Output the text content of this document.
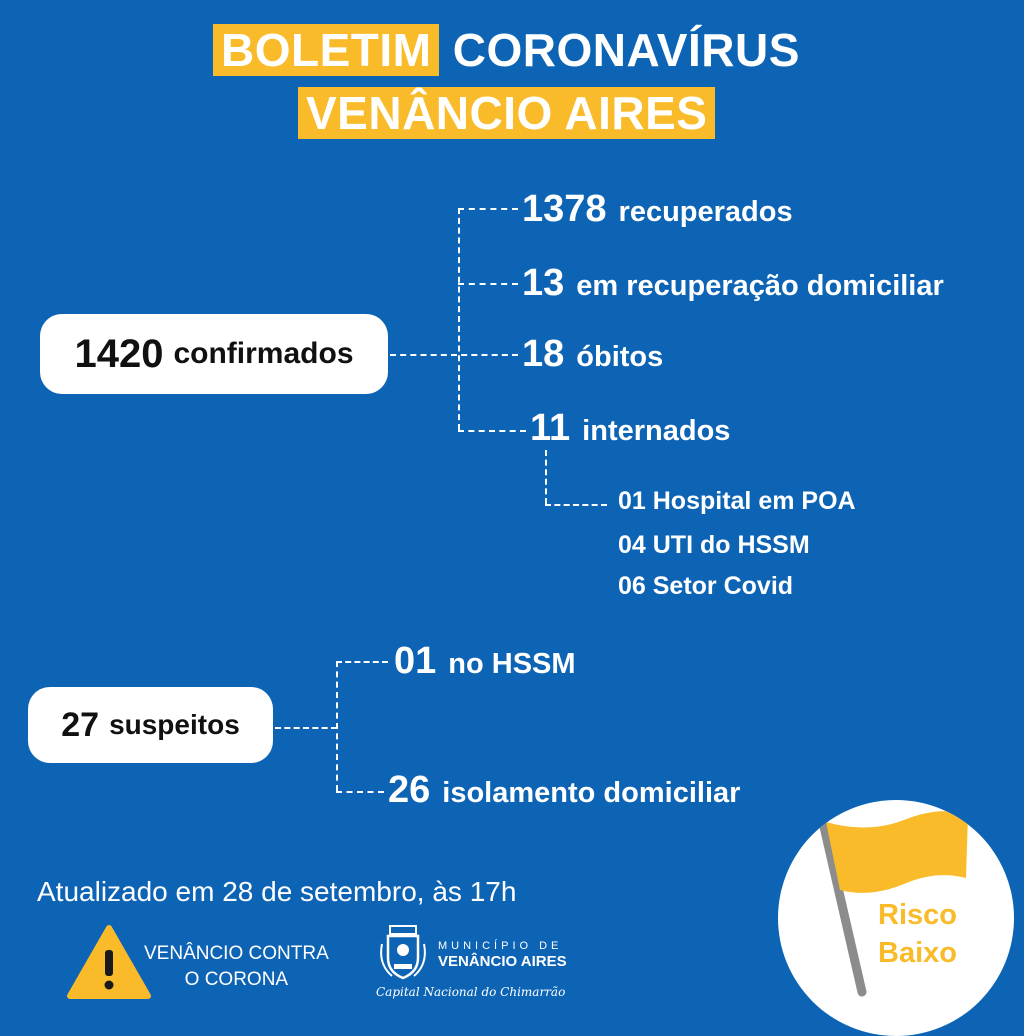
BOLETIM CORONAVÍRUS
VENÂNCIO AIRES
1420 confirmados
1378 recuperados
13 em recuperação domiciliar
18 óbitos
11 internados
01 Hospital em POA
04 UTI do HSSM
06 Setor Covid
27 suspeitos
01 no HSSM
26 isolamento domiciliar
Atualizado em 28 de setembro, às 17h
VENÂNCIO CONTRA
O CORONA
MUNICÍPIO DE
VENÂNCIO AIRES
Capital Nacional do Chimarrão
Risco
Baixo
